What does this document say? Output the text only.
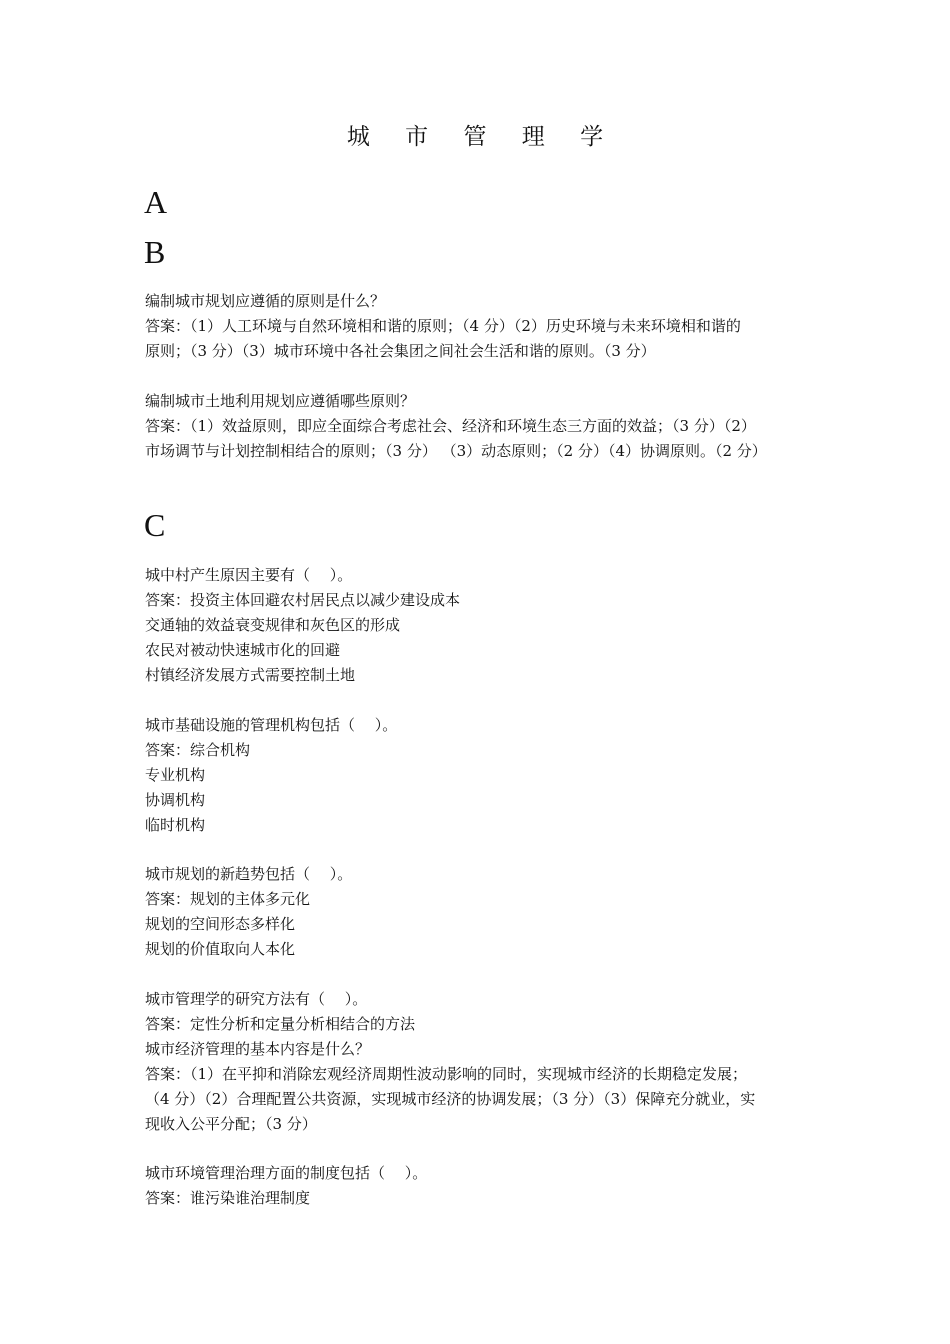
城 市 管 理 学
A
B
编制城市规划应遵循的原则是什么？
答案：（1）人工环境与自然环境相和谐的原则；（4 分）（2）历史环境与未来环境相和谐的
原则；（3 分）（3）城市环境中各社会集团之间社会生活和谐的原则。（3 分）
编制城市土地利用规划应遵循哪些原则？
答案：（1）效益原则，即应全面综合考虑社会、经济和环境生态三方面的效益；（3 分）（2）
市场调节与计划控制相结合的原则；（3 分） （3）动态原则；（2 分）（4）协调原则。（2 分）
C
城中村产生原因主要有（　 ）。
答案：投资主体回避农村居民点以减少建设成本
交通轴的效益衰变规律和灰色区的形成
农民对被动快速城市化的回避
村镇经济发展方式需要控制土地
城市基础设施的管理机构包括（　 ）。
答案：综合机构
专业机构
协调机构
临时机构
城市规划的新趋势包括（　 ）。
答案：规划的主体多元化
规划的空间形态多样化
规划的价值取向人本化
城市管理学的研究方法有（　 ）。
答案：定性分析和定量分析相结合的方法
城市经济管理的基本内容是什么？
答案：（1）在平抑和消除宏观经济周期性波动影响的同时，实现城市经济的长期稳定发展；
（4 分）（2）合理配置公共资源，实现城市经济的协调发展；（3 分）（3）保障充分就业，实
现收入公平分配；（3 分）
城市环境管理治理方面的制度包括（　 ）。
答案：谁污染谁治理制度
